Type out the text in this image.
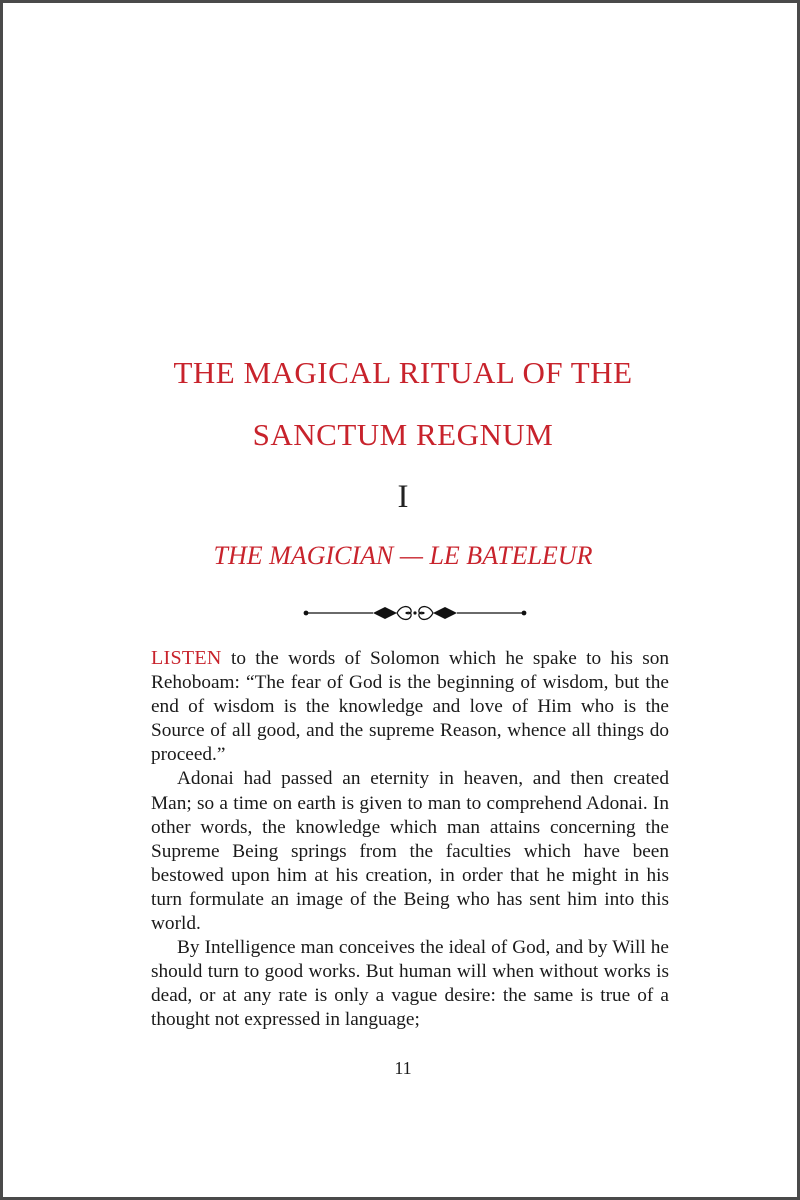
THE MAGICAL RITUAL OF THE
SANCTUM REGNUM
I
THE MAGICIAN — LE BATELEUR

LISTEN to the words of Solomon which he spake to his son Rehoboam: “The fear of God is the beginning of wisdom, but the end of wisdom is the knowledge and love of Him who is the Source of all good, and the supreme Reason, whence all things do proceed.”

Adonai had passed an eternity in heaven, and then created Man; so a time on earth is given to man to comprehend Adonai. In other words, the knowledge which man attains concerning the Supreme Being springs from the faculties which have been bestowed upon him at his creation, in order that he might in his turn formulate an image of the Being who has sent him into this world.

By Intelligence man conceives the ideal of God, and by Will he should turn to good works. But human will when without works is dead, or at any rate is only a vague desire: the same is true of a thought not expressed in language;

11
